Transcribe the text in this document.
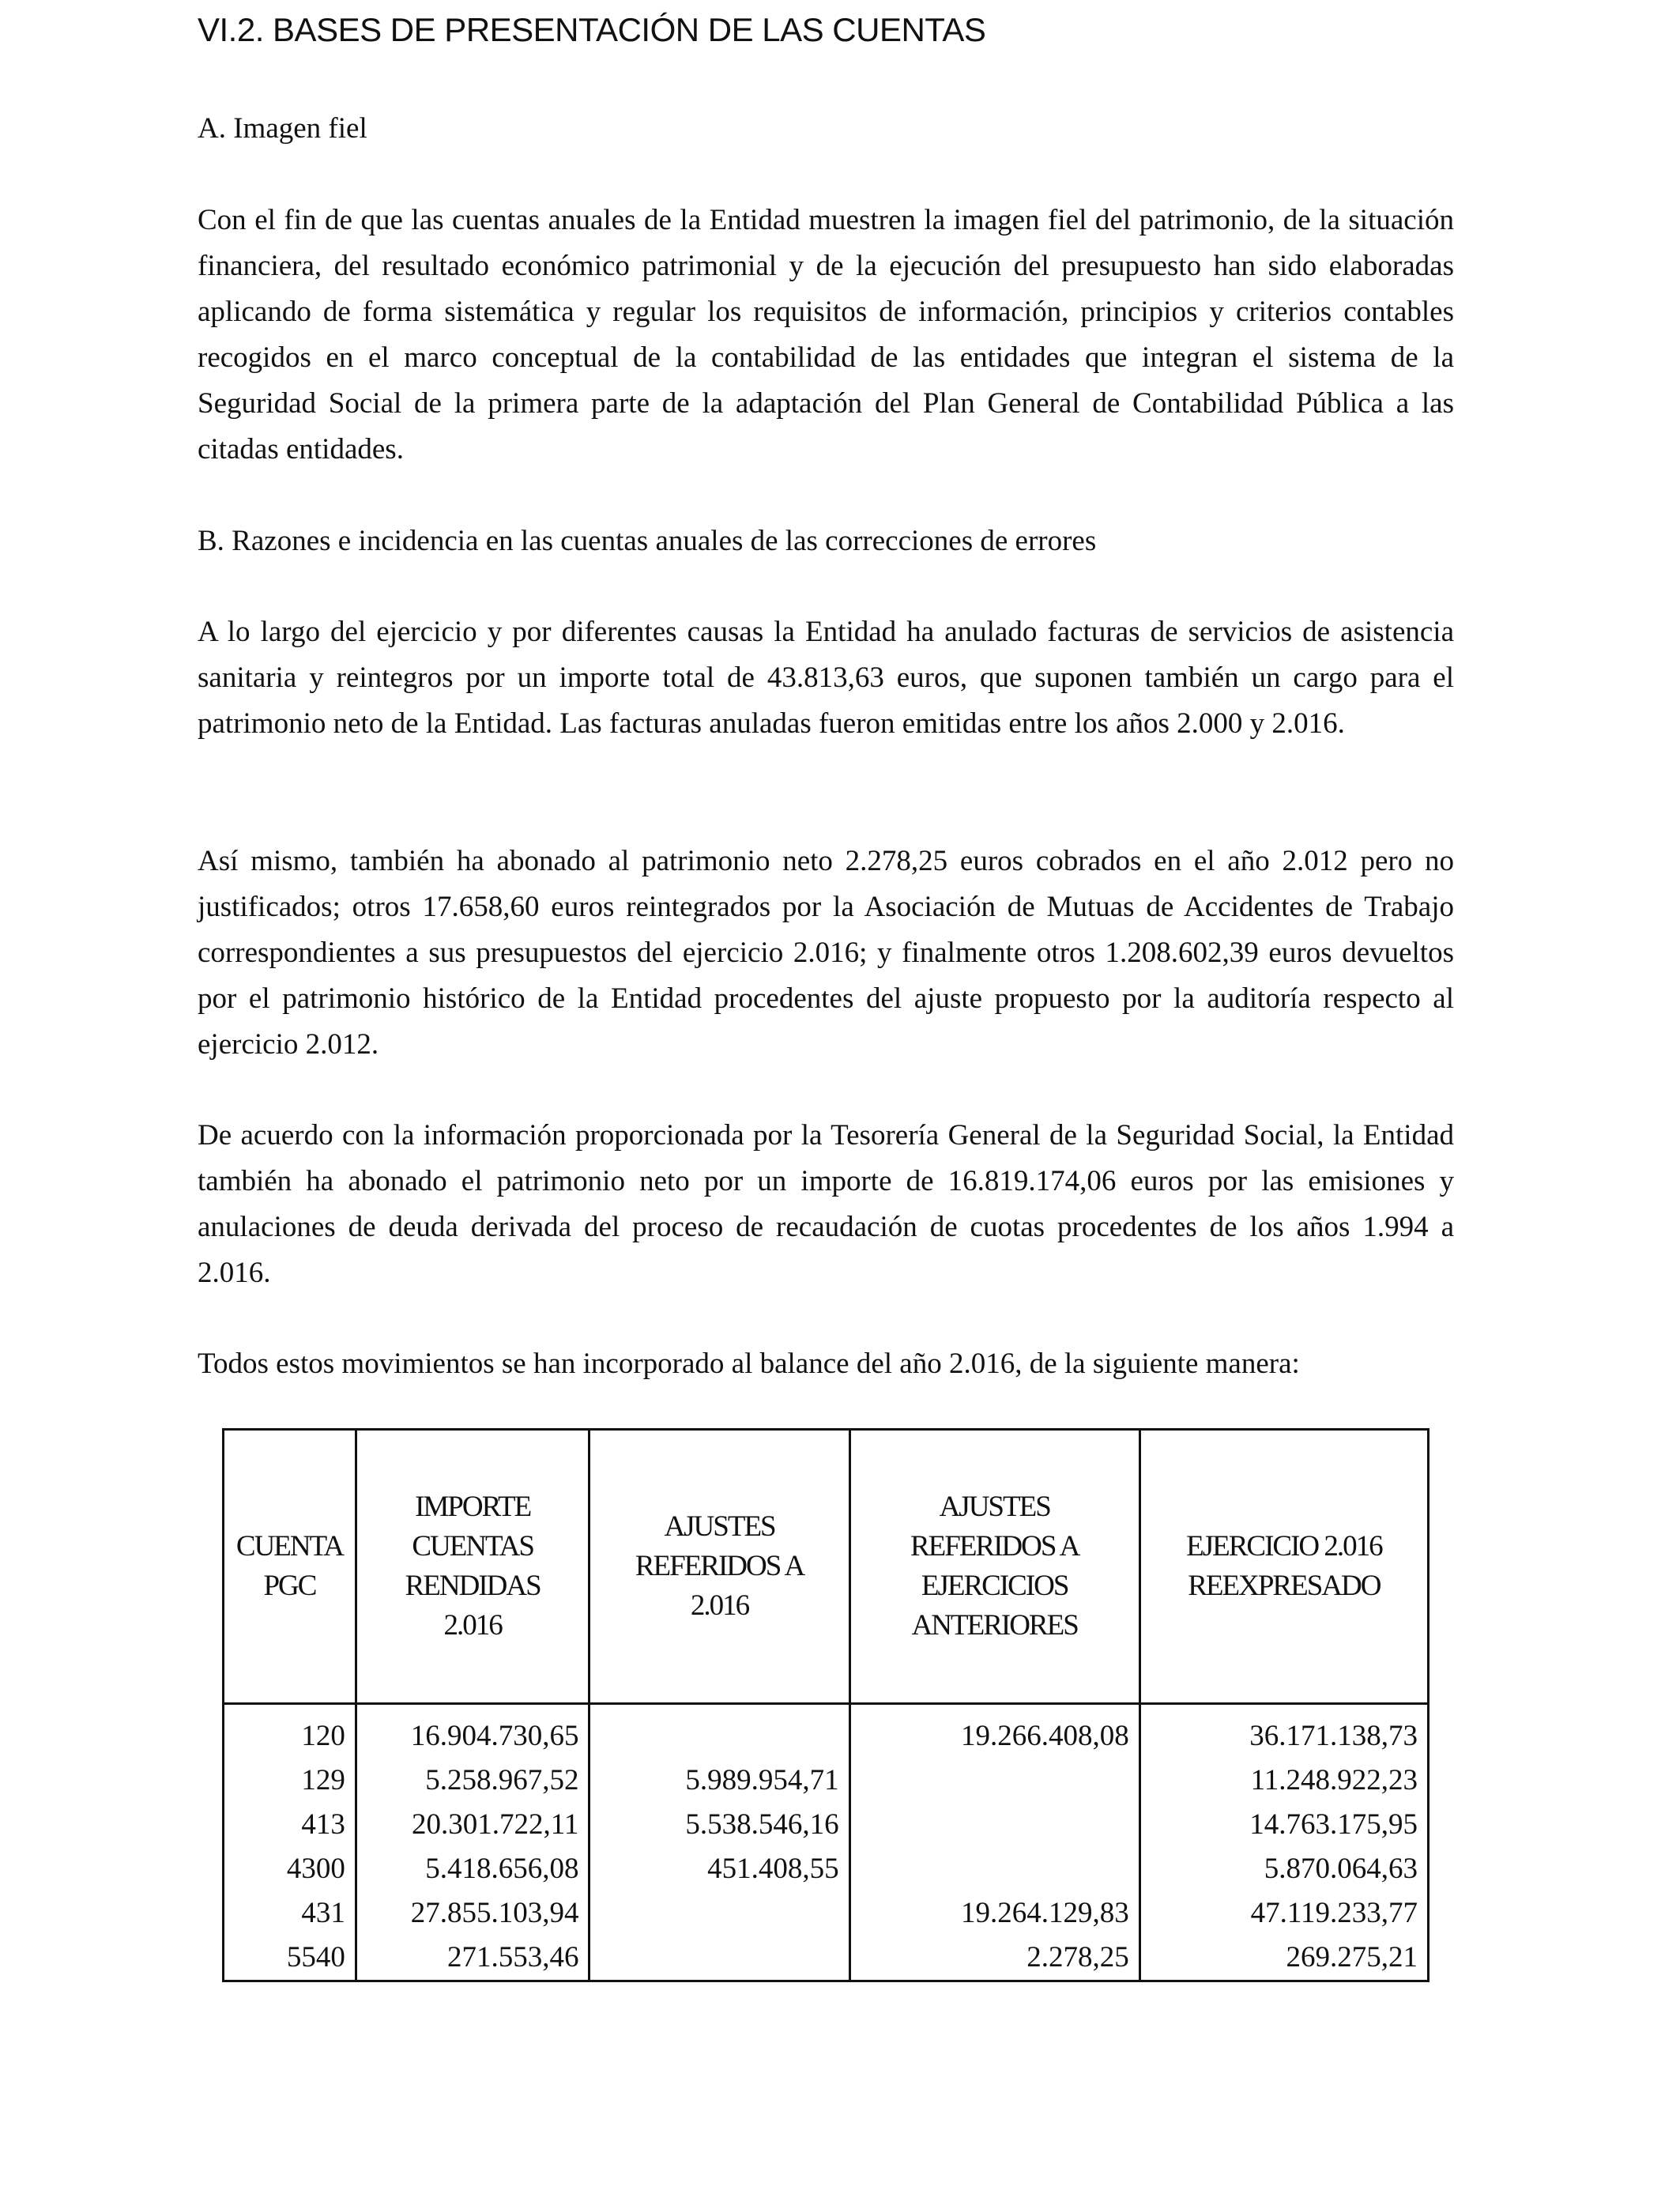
VI.2. BASES DE PRESENTACIÓN DE LAS CUENTAS

A. Imagen fiel

Con el fin de que las cuentas anuales de la Entidad muestren la imagen fiel del patrimonio, de la situación financiera, del resultado económico patrimonial y de la ejecución del presupuesto han sido elaboradas aplicando de forma sistemática y regular los requisitos de información, principios y criterios contables recogidos en el marco conceptual de la contabilidad de las entidades que integran el sistema de la Seguridad Social de la primera parte de la adaptación del Plan General de Contabilidad Pública a las citadas entidades.

B. Razones e incidencia en las cuentas anuales de las correcciones de errores

A lo largo del ejercicio y por diferentes causas la Entidad ha anulado facturas de servicios de asistencia sanitaria y reintegros por un importe total de 43.813,63 euros, que suponen también un cargo para el patrimonio neto de la Entidad. Las facturas anuladas fueron emitidas entre los años 2.000 y 2.016.

Así mismo, también ha abonado al patrimonio neto 2.278,25 euros cobrados en el año 2.012 pero no justificados; otros 17.658,60 euros reintegrados por la Asociación de Mutuas de Accidentes de Trabajo correspondientes a sus presupuestos del ejercicio 2.016; y finalmente otros 1.208.602,39 euros devueltos por el patrimonio histórico de la Entidad procedentes del ajuste propuesto por la auditoría respecto al ejercicio 2.012.

De acuerdo con la información proporcionada por la Tesorería General de la Seguridad Social, la Entidad también ha abonado el patrimonio neto por un importe de 16.819.174,06 euros por las emisiones y anulaciones de deuda derivada del proceso de recaudación de cuotas procedentes de los años 1.994 a 2.016.

Todos estos movimientos se han incorporado al balance del año 2.016, de la siguiente manera:

CUENTA
PGC	IMPORTE
CUENTAS
RENDIDAS
2.016	AJUSTES
REFERIDOS A
2.016	AJUSTES
REFERIDOS A
EJERCICIOS
ANTERIORES	EJERCICIO 2.016
REEXPRESADO
120	16.904.730,65		19.266.408,08	36.171.138,73
129	5.258.967,52	5.989.954,71		11.248.922,23
413	20.301.722,11	5.538.546,16		14.763.175,95
4300	5.418.656,08	451.408,55		5.870.064,63
431	27.855.103,94		19.264.129,83	47.119.233,77
5540	271.553,46		2.278,25	269.275,21
